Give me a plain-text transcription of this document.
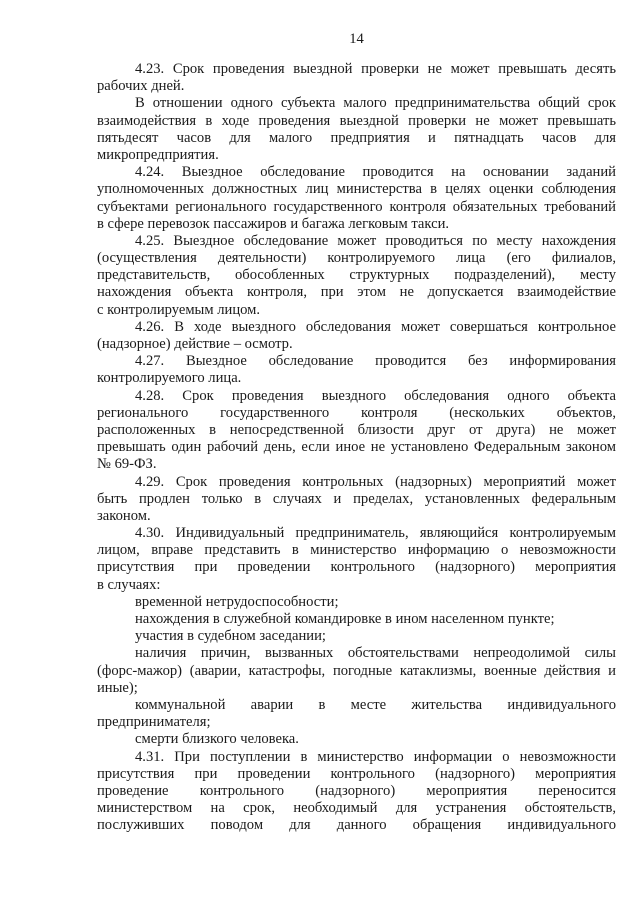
14
4.23. Срок проведения выездной проверки не может превышать десять
рабочих дней.
В отношении одного субъекта малого предпринимательства общий срок
взаимодействия в ходе проведения выездной проверки не может превышать
пятьдесят часов для малого предприятия и пятнадцать часов для
микропредприятия.
4.24. Выездное обследование проводится на основании заданий
уполномоченных должностных лиц министерства в целях оценки соблюдения
субъектами регионального государственного контроля обязательных требований
в сфере перевозок пассажиров и багажа легковым такси.
4.25. Выездное обследование может проводиться по месту нахождения
(осуществления деятельности) контролируемого лица (его филиалов,
представительств, обособленных структурных подразделений), месту
нахождения объекта контроля, при этом не допускается взаимодействие
с контролируемым лицом.
4.26. В ходе выездного обследования может совершаться контрольное
(надзорное) действие – осмотр.
4.27. Выездное обследование проводится без информирования
контролируемого лица.
4.28. Срок проведения выездного обследования одного объекта
регионального государственного контроля (нескольких объектов,
расположенных в непосредственной близости друг от друга) не может
превышать один рабочий день, если иное не установлено Федеральным законом
№ 69-ФЗ.
4.29. Срок проведения контрольных (надзорных) мероприятий может
быть продлен только в случаях и пределах, установленных федеральным
законом.
4.30. Индивидуальный предприниматель, являющийся контролируемым
лицом, вправе представить в министерство информацию о невозможности
присутствия при проведении контрольного (надзорного) мероприятия
в случаях:
временной нетрудоспособности;
нахождения в служебной командировке в ином населенном пункте;
участия в судебном заседании;
наличия причин, вызванных обстоятельствами непреодолимой силы
(форс-мажор) (аварии, катастрофы, погодные катаклизмы, военные действия и
иные);
коммунальной аварии в месте жительства индивидуального
предпринимателя;
смерти близкого человека.
4.31. При поступлении в министерство информации о невозможности
присутствия при проведении контрольного (надзорного) мероприятия
проведение контрольного (надзорного) мероприятия переносится
министерством на срок, необходимый для устранения обстоятельств,
послуживших поводом для данного обращения индивидуального
